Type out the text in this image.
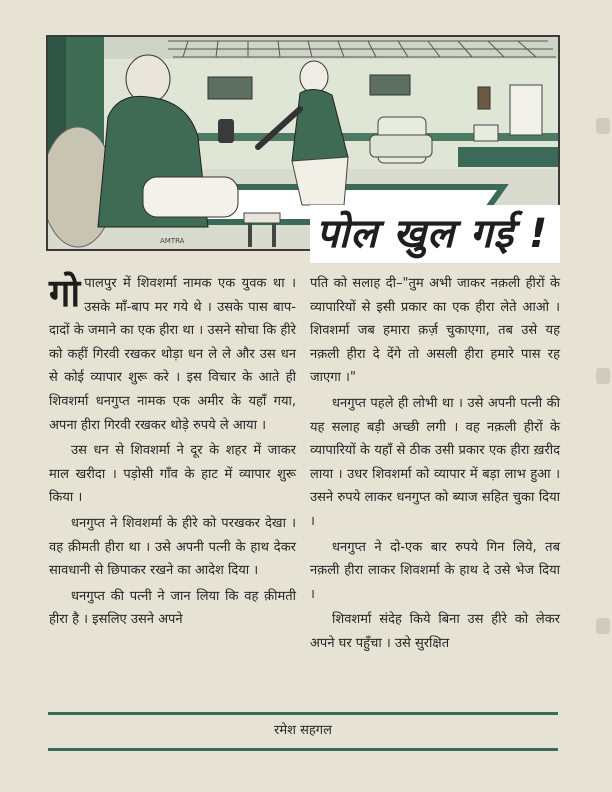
AMTRA	पोल खुल गई !

गोपालपुर में शिवशर्मा नामक एक युवक था । उसके माँ-बाप मर गये थे । उसके पास बाप-दादों के जमाने का एक हीरा था । उसने सोचा कि हीरे को कहीं गिरवी रखकर थोड़ा धन ले ले और उस धन से कोई व्यापार शुरू करे । इस विचार के आते ही शिवशर्मा धनगुप्त नामक एक अमीर के यहाँ गया, अपना हीरा गिरवी रखकर थोड़े रुपये ले आया ।

उस धन से शिवशर्मा ने दूर के शहर में जाकर माल खरीदा । पड़ोसी गाँव के हाट में व्यापार शुरू किया ।

धनगुप्त ने शिवशर्मा के हीरे को परखकर देखा । वह क़ीमती हीरा था । उसे अपनी पत्नी के हाथ देकर सावधानी से छिपाकर रखने का आदेश दिया ।

धनगुप्त की पत्नी ने जान लिया कि वह क़ीमती हीरा है । इसलिए उसने अपने

पति को सलाह दी–"तुम अभी जाकर नक़ली हीरों के व्यापारियों से इसी प्रकार का एक हीरा लेते आओ । शिवशर्मा जब हमारा क़र्ज़ चुकाएगा, तब उसे यह नक़ली हीरा दे देंगे तो असली हीरा हमारे पास रह जाएगा ।"

धनगुप्त पहले ही लोभी था । उसे अपनी पत्नी की यह सलाह बड़ी अच्छी लगी । वह नक़ली हीरों के व्यापारियों के यहाँ से ठीक उसी प्रकार एक हीरा ख़रीद लाया । उधर शिवशर्मा को व्यापार में बड़ा लाभ हुआ । उसने रुपये लाकर धनगुप्त को ब्याज सहित चुका दिया ।

धनगुप्त ने दो-एक बार रुपये गिन लिये, तब नक़ली हीरा लाकर शिवशर्मा के हाथ दे उसे भेज दिया ।

शिवशर्मा संदेह किये बिना उस हीरे को लेकर अपने घर पहुँचा । उसे सुरक्षित

रमेश सहगल
